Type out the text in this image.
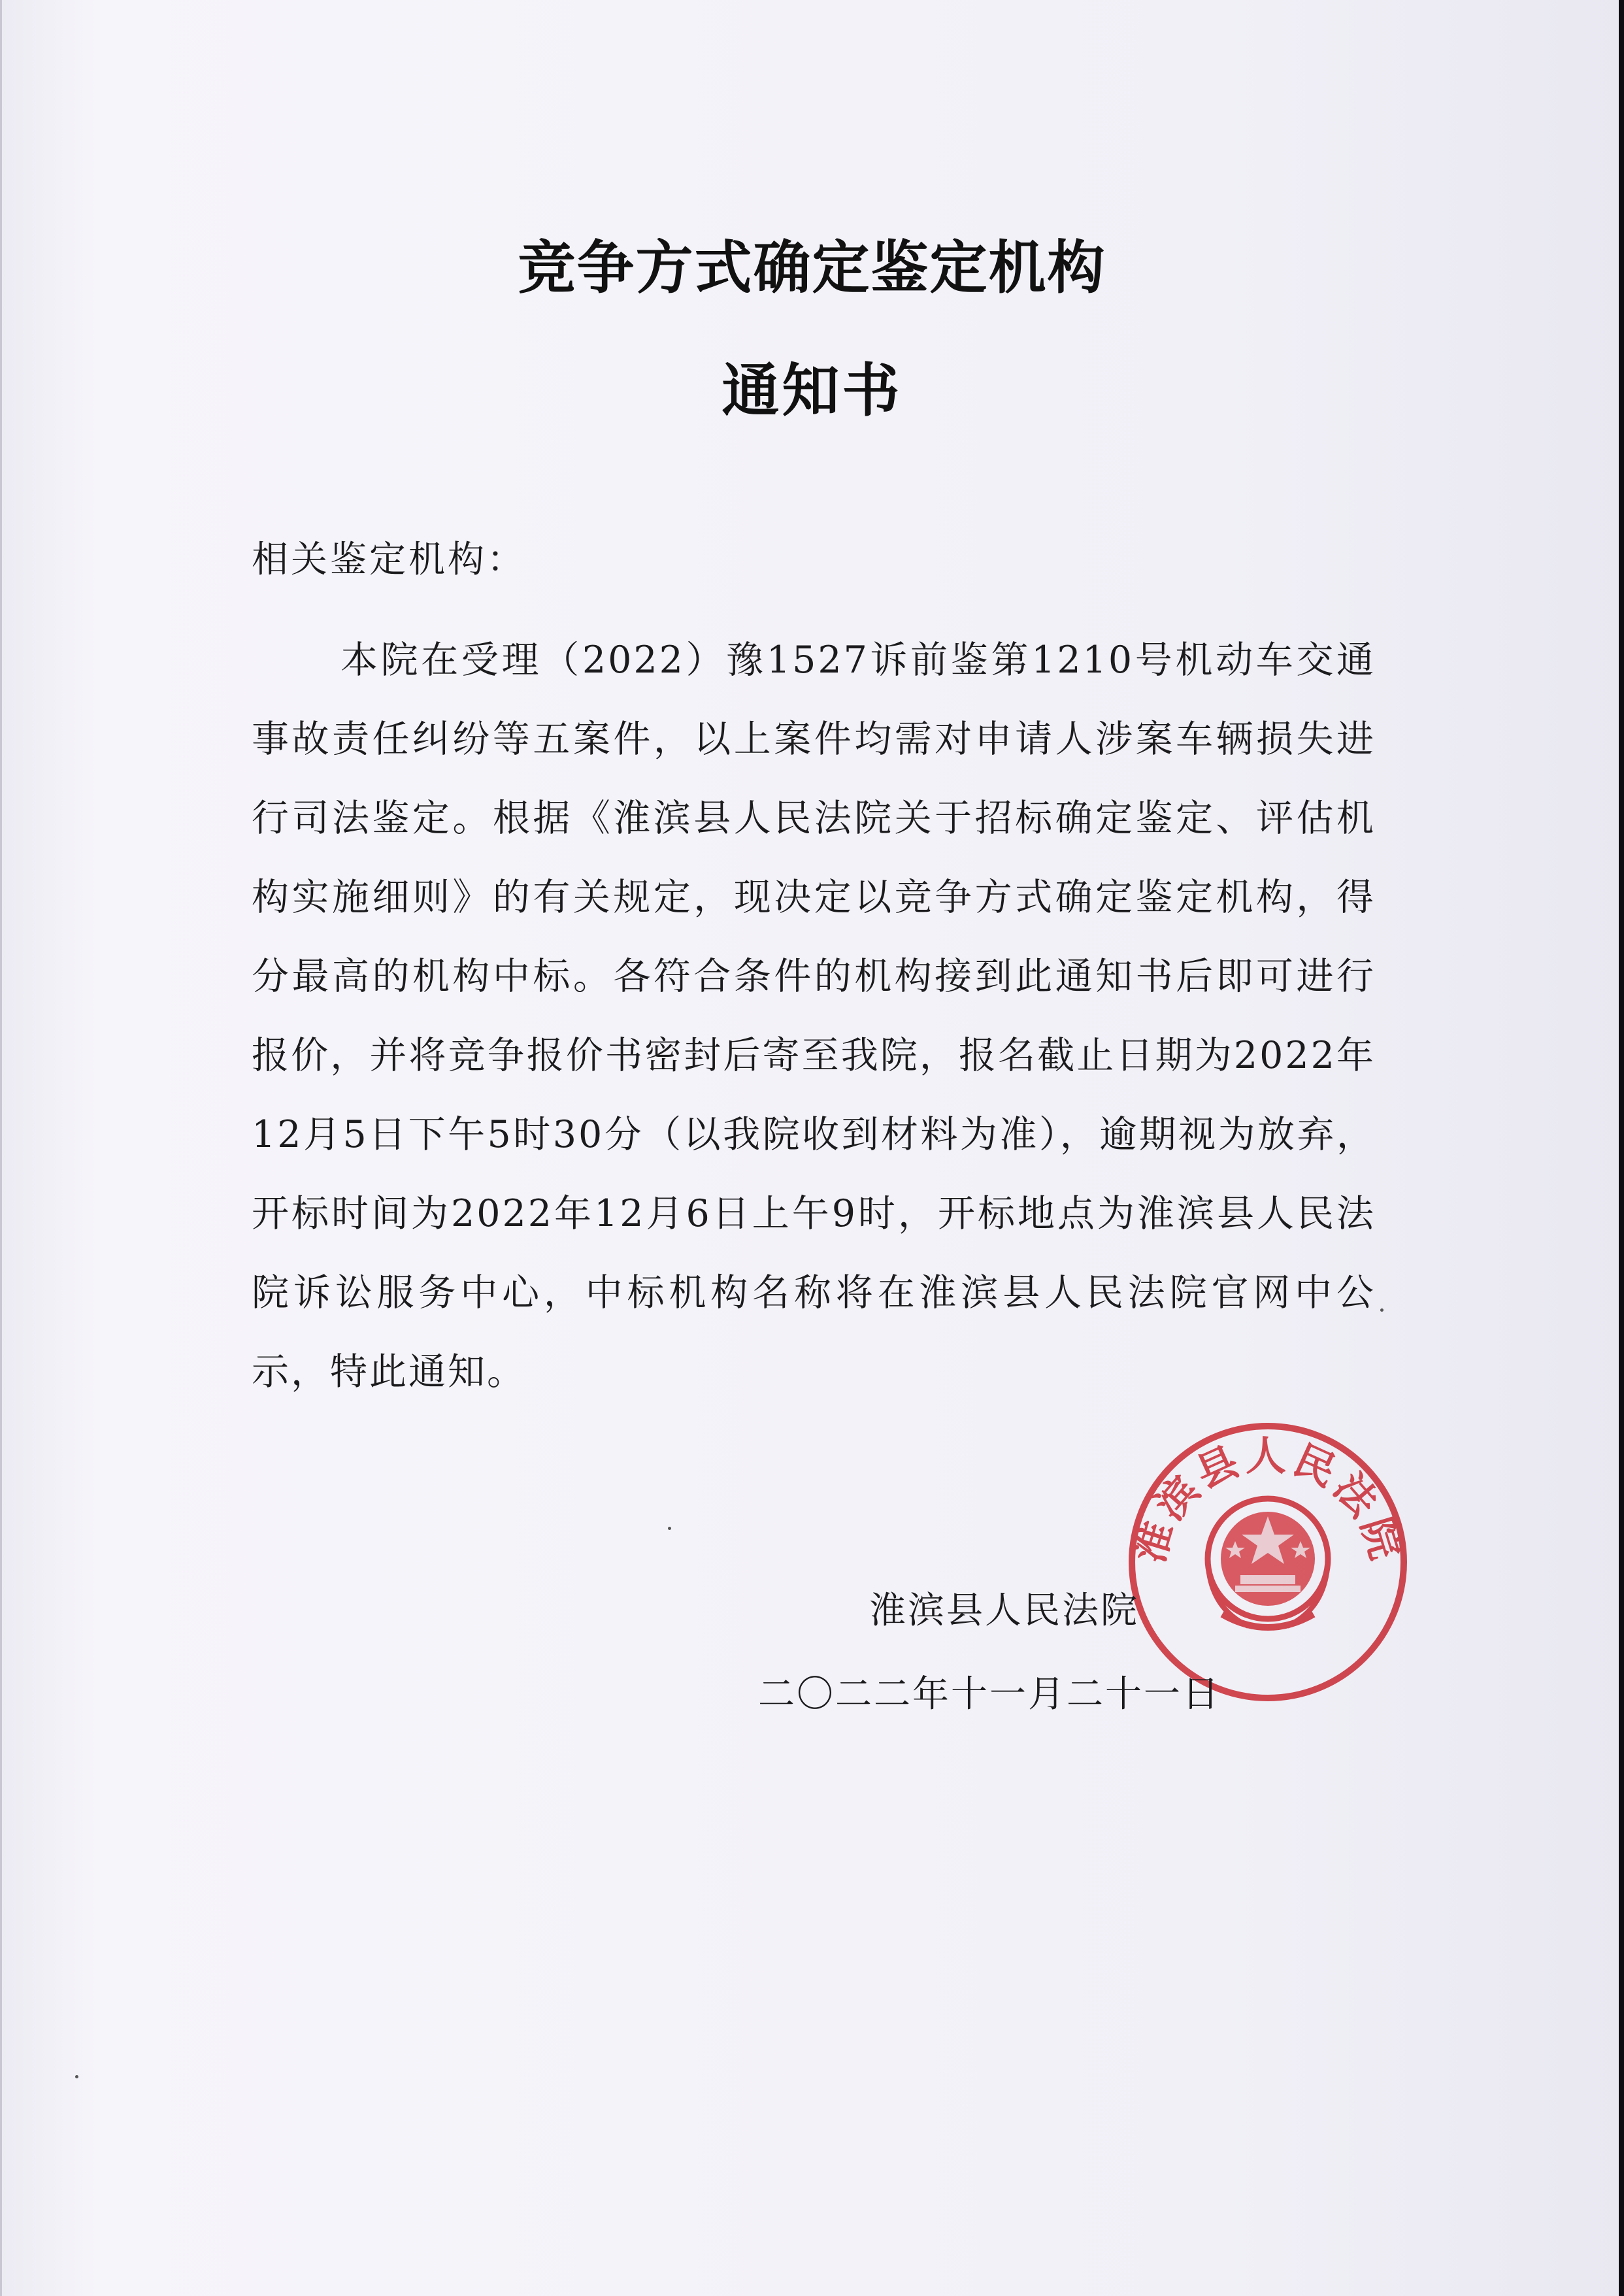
竞争方式确定鉴定机构
通知书
相关鉴定机构：

本院在受理（2022）豫1527诉前鉴第1210号机动车交通事故责任纠纷等五案件，以上案件均需对申请人涉案车辆损失进行司法鉴定。根据《淮滨县人民法院关于招标确定鉴定、评估机构实施细则》的有关规定，现决定以竞争方式确定鉴定机构，得分最高的机构中标。各符合条件的机构接到此通知书后即可进行报价，并将竞争报价书密封后寄至我院，报名截止日期为2022年12月5日下午5时30分（以我院收到材料为准），逾期视为放弃，开标时间为2022年12月6日上午9时，开标地点为淮滨县人民法院诉讼服务中心，中标机构名称将在淮滨县人民法院官网中公示，特此通知。

淮滨县人民法院
淮滨县人民法院
二〇二二年十一月二十一日
